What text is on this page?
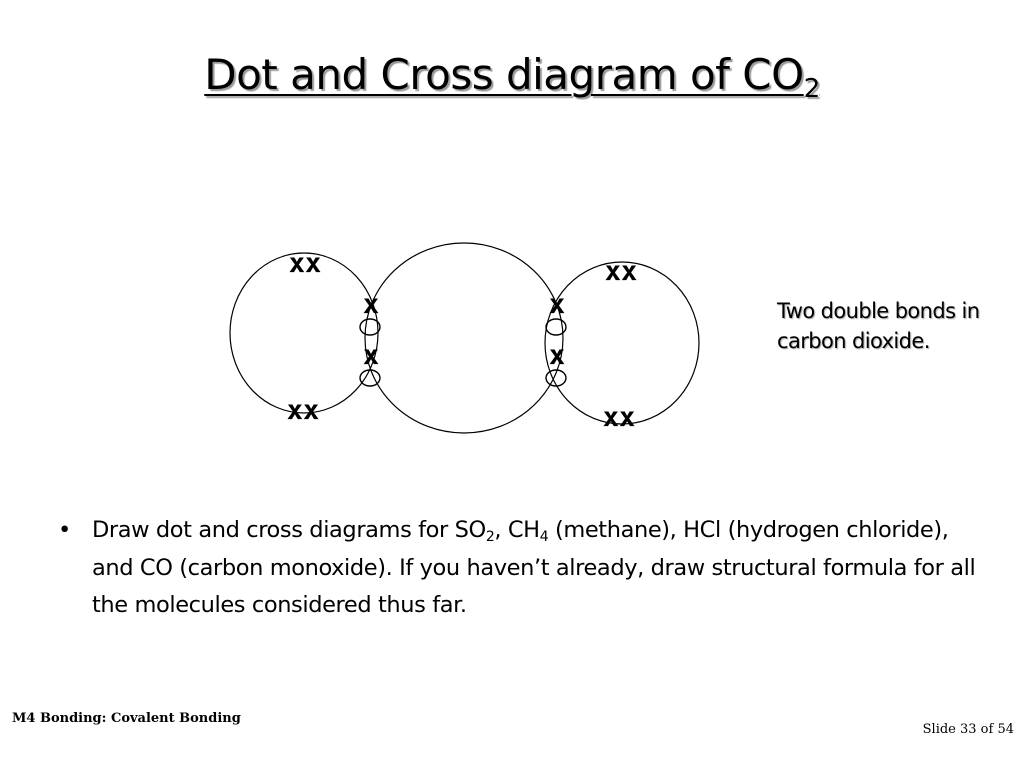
Dot and Cross diagram of $CO_2$
xx
xx
xx
xx
x
x
x
x

Two double bonds in carbon dioxide.

• Draw dot and cross diagrams for $SO_2$, $CH_4$ (methane), HCl (hydrogen chloride), and CO (carbon monoxide). If you haven’t already, draw structural formula for all the molecules considered thus far.
M4 Bonding: Covalent Bonding
Slide 33 of 54
